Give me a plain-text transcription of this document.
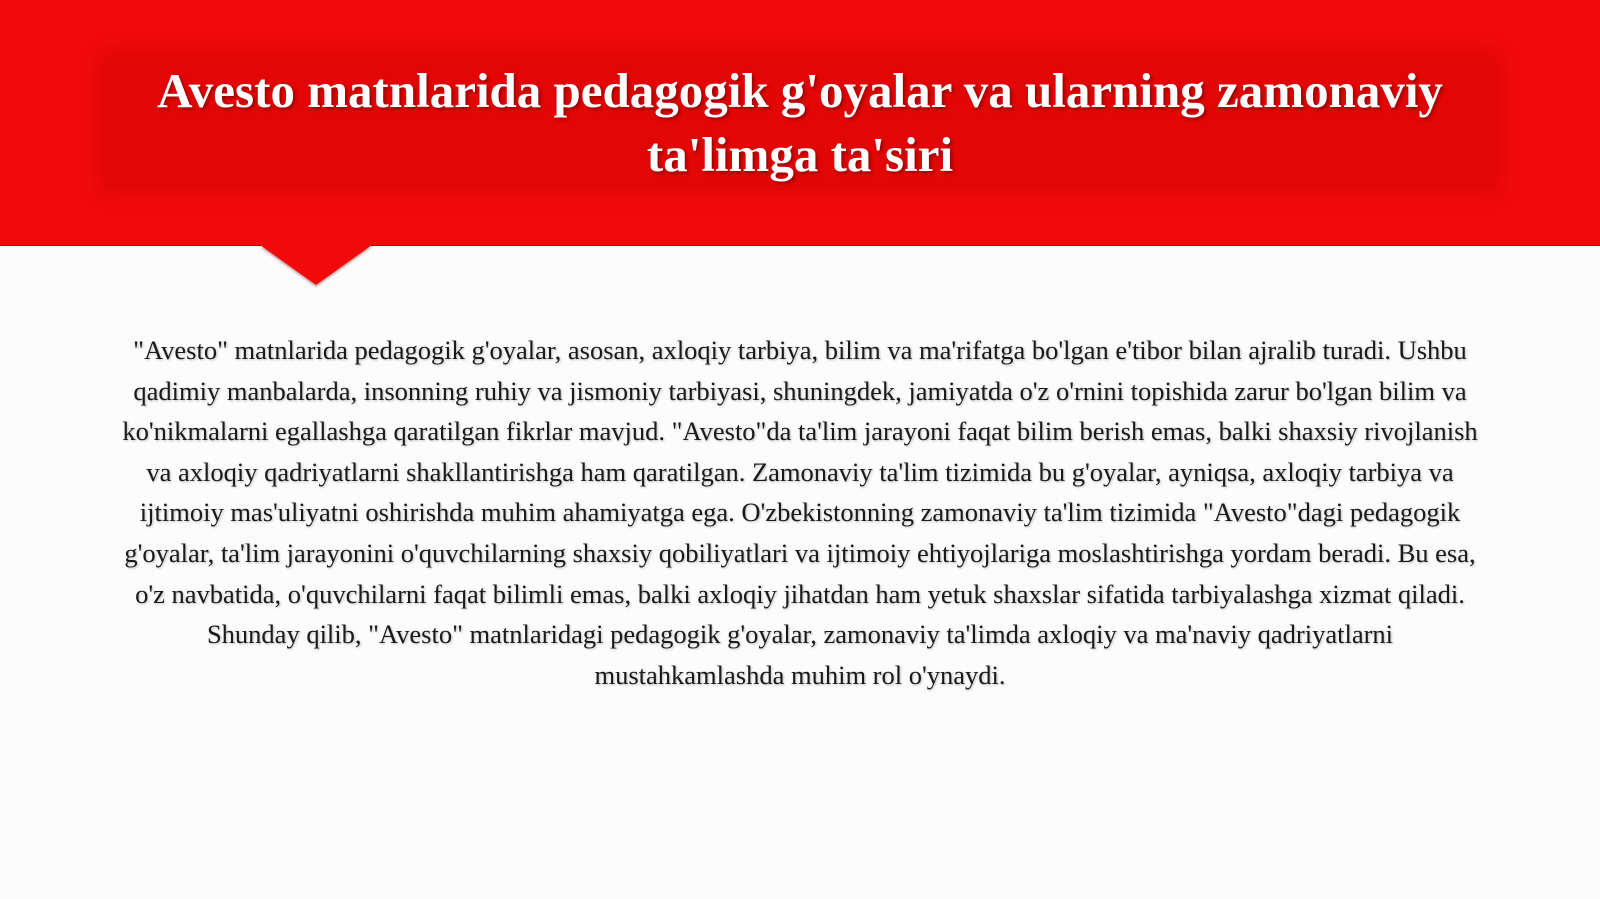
Avesto matnlarida pedagogik g'oyalar va ularning zamonaviy ta'limga ta'siri

"Avesto" matnlarida pedagogik g'oyalar, asosan, axloqiy tarbiya, bilim va ma'rifatga bo'lgan e'tibor bilan ajralib turadi. Ushbu qadimiy manbalarda, insonning ruhiy va jismoniy tarbiyasi, shuningdek, jamiyatda o'z o'rnini topishida zarur bo'lgan bilim va ko'nikmalarni egallashga qaratilgan fikrlar mavjud. "Avesto"da ta'lim jarayoni faqat bilim berish emas, balki shaxsiy rivojlanish va axloqiy qadriyatlarni shakllantirishga ham qaratilgan. Zamonaviy ta'lim tizimida bu g'oyalar, ayniqsa, axloqiy tarbiya va ijtimoiy mas'uliyatni oshirishda muhim ahamiyatga ega. O'zbekistonning zamonaviy ta'lim tizimida "Avesto"dagi pedagogik g'oyalar, ta'lim jarayonini o'quvchilarning shaxsiy qobiliyatlari va ijtimoiy ehtiyojlariga moslashtirishga yordam beradi. Bu esa, o'z navbatida, o'quvchilarni faqat bilimli emas, balki axloqiy jihatdan ham yetuk shaxslar sifatida tarbiyalashga xizmat qiladi. Shunday qilib, "Avesto" matnlaridagi pedagogik g'oyalar, zamonaviy ta'limda axloqiy va ma'naviy qadriyatlarni mustahkamlashda muhim rol o'ynaydi.
